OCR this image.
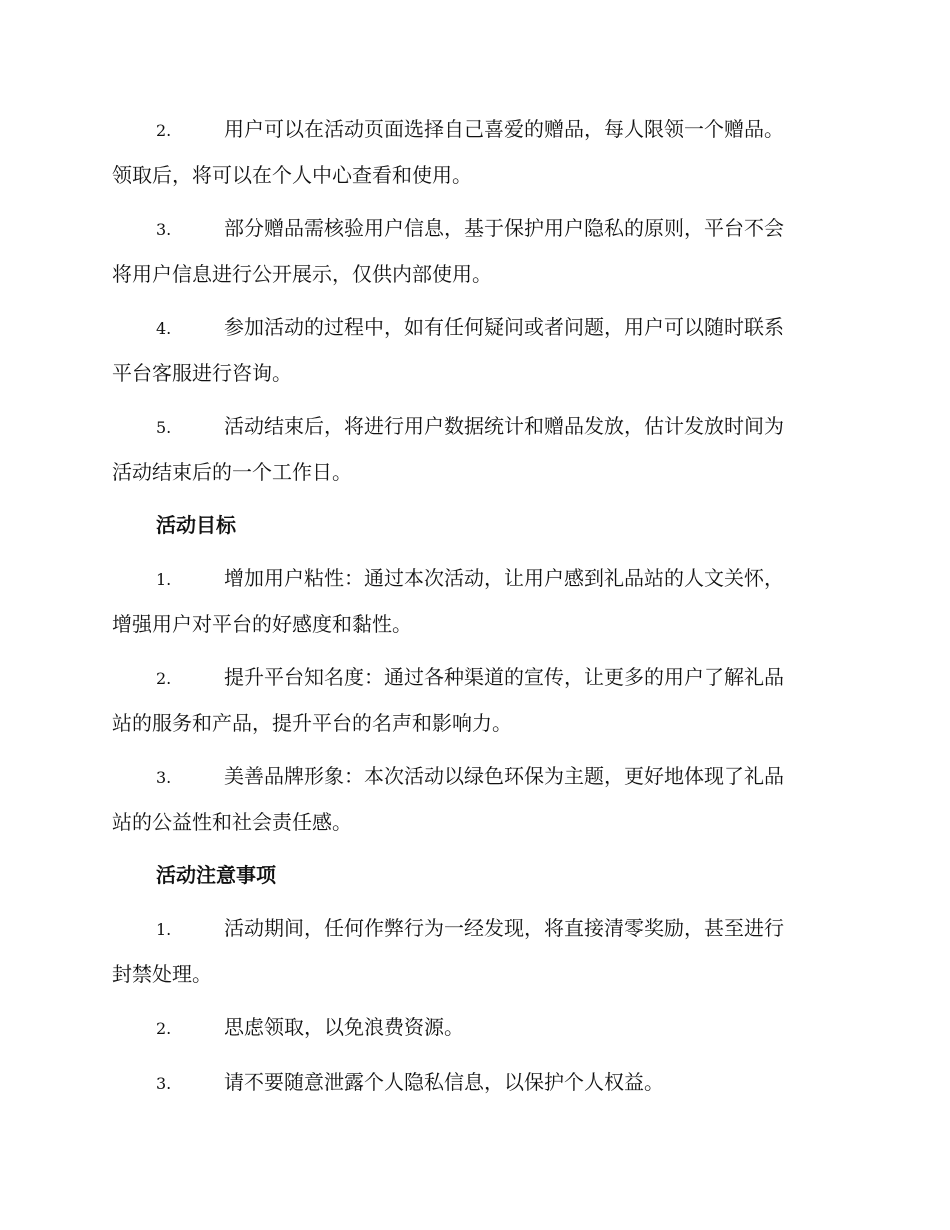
2.	用户可以在活动页面选择自己喜爱的赠品，每人限领一个赠品。
领取后，将可以在个人中心查看和使用。
3.	部分赠品需核验用户信息，基于保护用户隐私的原则，平台不会
将用户信息进行公开展示，仅供内部使用。
4.	参加活动的过程中，如有任何疑问或者问题，用户可以随时联系
平台客服进行咨询。
5.	活动结束后，将进行用户数据统计和赠品发放，估计发放时间为
活动结束后的一个工作日。
活动目标
1.	增加用户粘性：通过本次活动，让用户感到礼品站的人文关怀，
增强用户对平台的好感度和黏性。
2.	提升平台知名度：通过各种渠道的宣传，让更多的用户了解礼品
站的服务和产品，提升平台的名声和影响力。
3.	美善品牌形象：本次活动以绿色环保为主题，更好地体现了礼品
站的公益性和社会责任感。
活动注意事项
1.	活动期间，任何作弊行为一经发现，将直接清零奖励，甚至进行
封禁处理。
2.	思虑领取，以免浪费资源。
3.	请不要随意泄露个人隐私信息，以保护个人权益。
